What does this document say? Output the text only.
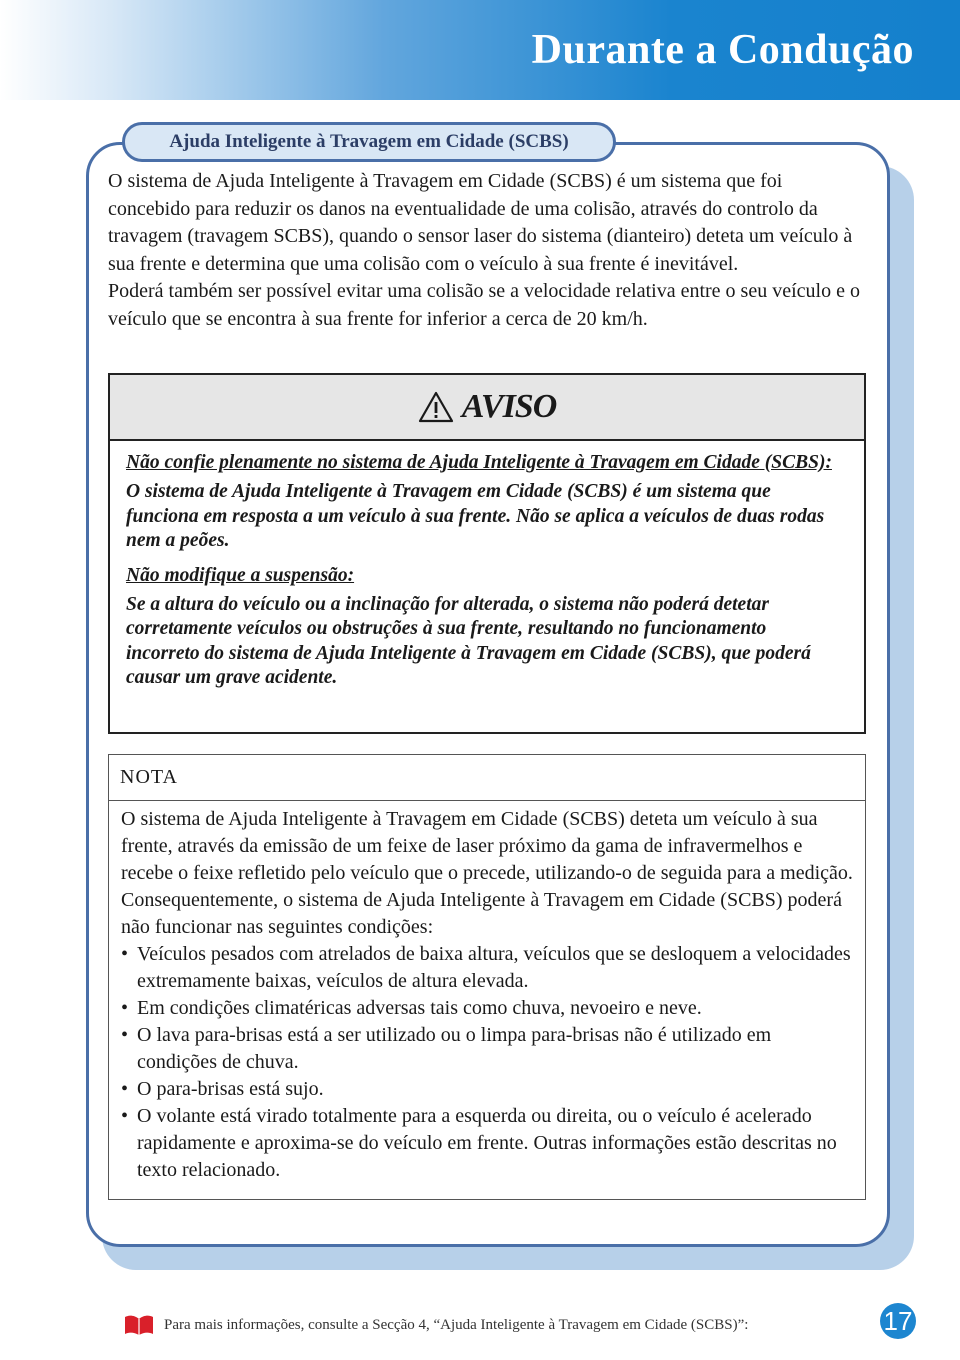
Durante a Condução
Ajuda Inteligente à Travagem em Cidade (SCBS)

O sistema de Ajuda Inteligente à Travagem em Cidade (SCBS) é um sistema que foi concebido para reduzir os danos na eventualidade de uma colisão, através do controlo da travagem (travagem SCBS), quando o sensor laser do sistema (dianteiro) deteta um veículo à sua frente e determina que uma colisão com o veículo à sua frente é inevitável.

Poderá também ser possível evitar uma colisão se a velocidade relativa entre o seu veículo e o veículo que se encontra à sua frente for inferior a cerca de 20 km/h.

AVISO

Não confie plenamente no sistema de Ajuda Inteligente à Travagem em Cidade (SCBS):

O sistema de Ajuda Inteligente à Travagem em Cidade (SCBS) é um sistema que funciona em resposta a um veículo à sua frente. Não se aplica a veículos de duas rodas nem a peões.

Não modifique a suspensão:

Se a altura do veículo ou a inclinação for alterada, o sistema não poderá detetar corretamente veículos ou obstruções à sua frente, resultando no funcionamento incorreto do sistema de Ajuda Inteligente à Travagem em Cidade (SCBS), que poderá causar um grave acidente.

NOTA

O sistema de Ajuda Inteligente à Travagem em Cidade (SCBS) deteta um veículo à sua frente, através da emissão de um feixe de laser próximo da gama de infravermelhos e recebe o feixe refletido pelo veículo que o precede, utilizando-o de seguida para a medição. Consequentemente, o sistema de Ajuda Inteligente à Travagem em Cidade (SCBS) poderá não funcionar nas seguintes condições:

• Veículos pesados com atrelados de baixa altura, veículos que se desloquem a velocidades extremamente baixas, veículos de altura elevada.
• Em condições climatéricas adversas tais como chuva, nevoeiro e neve.
• O lava para-brisas está a ser utilizado ou o limpa para-brisas não é utilizado em condições de chuva.
• O para-brisas está sujo.
• O volante está virado totalmente para a esquerda ou direita, ou o veículo é acelerado rapidamente e aproxima-se do veículo em frente. Outras informações estão descritas no texto relacionado.
Para mais informações, consulte a Secção 4, “Ajuda Inteligente à Travagem em Cidade (SCBS)”:	17
